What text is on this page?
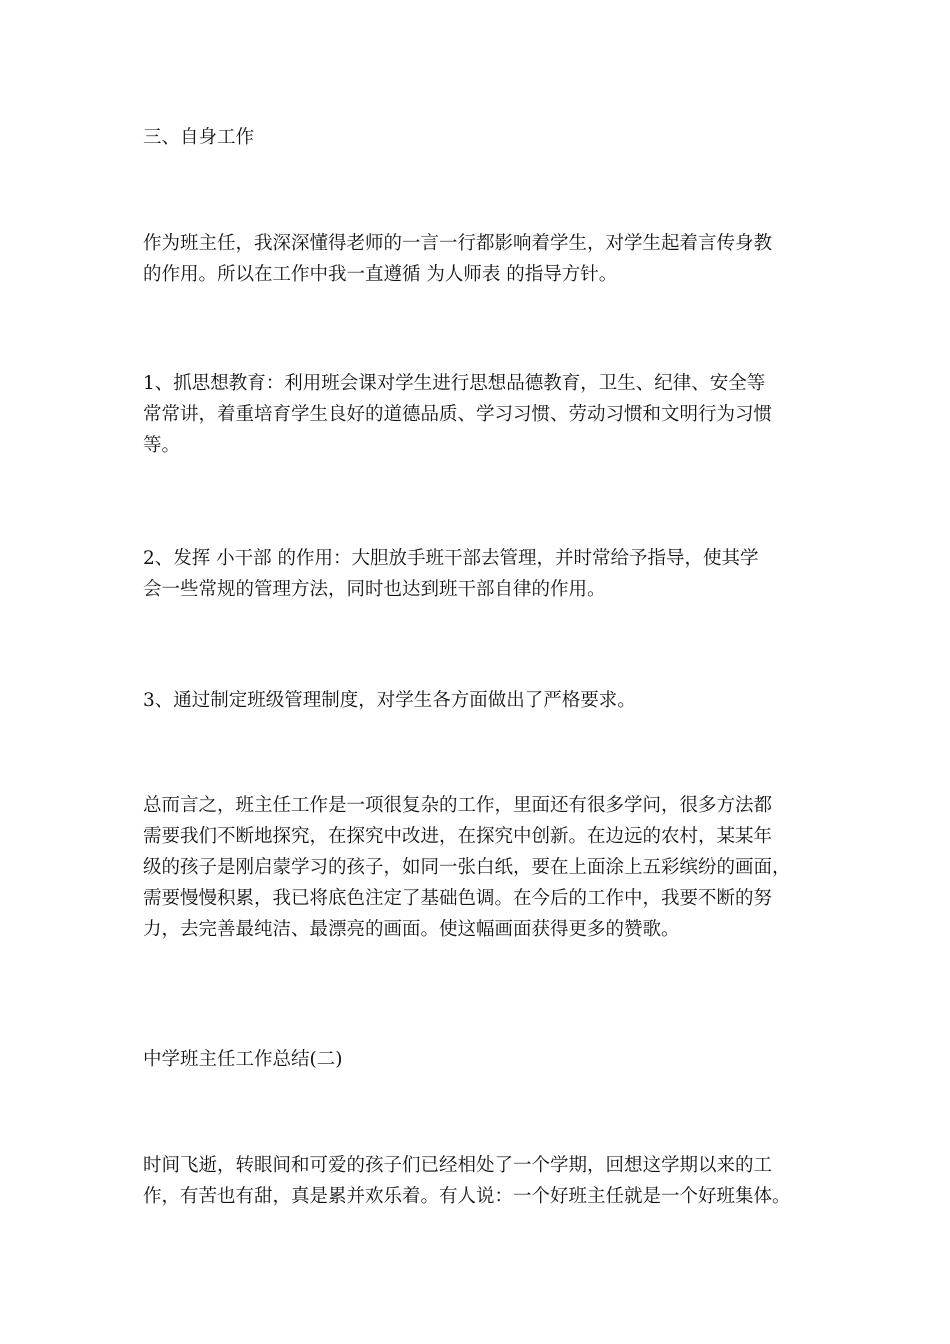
三、自身工作

作为班主任，我深深懂得老师的一言一行都影响着学生，对学生起着言传身教
的作用。所以在工作中我一直遵循 为人师表 的指导方针。

1、抓思想教育：利用班会课对学生进行思想品德教育，卫生、纪律、安全等
常常讲，着重培育学生良好的道德品质、学习习惯、劳动习惯和文明行为习惯
等。

2、发挥 小干部 的作用：大胆放手班干部去管理，并时常给予指导，使其学
会一些常规的管理方法，同时也达到班干部自律的作用。

3、通过制定班级管理制度，对学生各方面做出了严格要求。

总而言之，班主任工作是一项很复杂的工作，里面还有很多学问，很多方法都
需要我们不断地探究，在探究中改进，在探究中创新。在边远的农村，某某年
级的孩子是刚启蒙学习的孩子，如同一张白纸，要在上面涂上五彩缤纷的画面，
需要慢慢积累，我已将底色注定了基础色调。在今后的工作中，我要不断的努
力，去完善最纯洁、最漂亮的画面。使这幅画面获得更多的赞歌。

中学班主任工作总结(二)

时间飞逝，转眼间和可爱的孩子们已经相处了一个学期，回想这学期以来的工
作，有苦也有甜，真是累并欢乐着。有人说：一个好班主任就是一个好班集体。
